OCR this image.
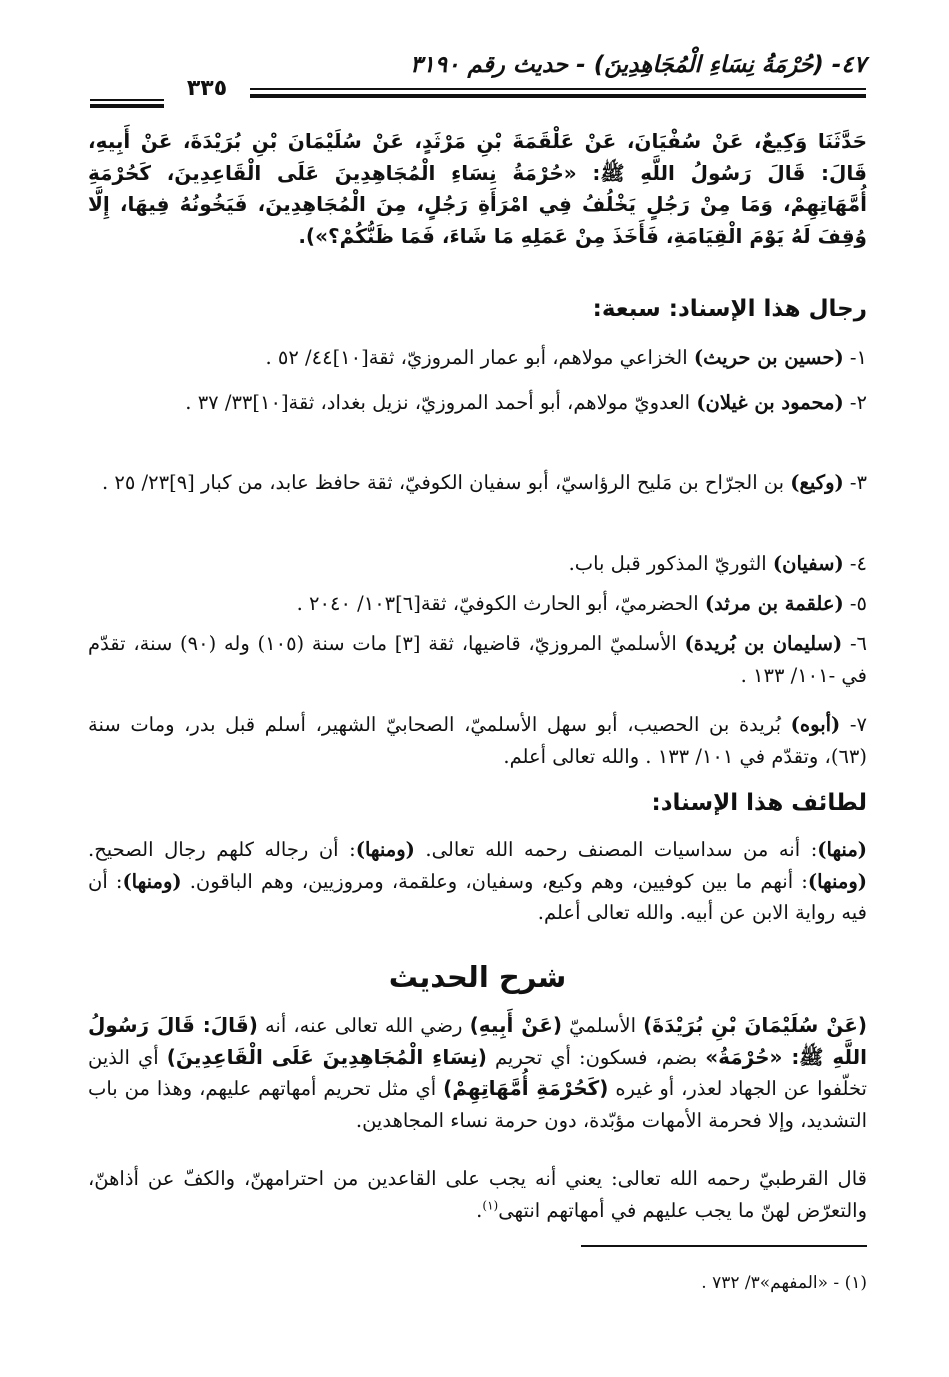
٤٧- (حُرْمَةُ نِسَاءِ الْمُجَاهِدِينَ) - حديث رقم ٣١٩٠
٣٣٥
حَدَّثَنَا وَكِيعٌ، عَنْ سُفْيَانَ، عَنْ عَلْقَمَةَ بْنِ مَرْثَدٍ، عَنْ سُلَيْمَانَ بْنِ بُرَيْدَةَ، عَنْ أَبِيهِ، قَالَ: قَالَ رَسُولُ اللَّهِ ﷺ: «حُرْمَةُ نِسَاءِ الْمُجَاهِدِينَ عَلَى الْقَاعِدِينَ، كَحُرْمَةِ أُمَّهَاتِهِمْ، وَمَا مِنْ رَجُلٍ يَخْلُفُ فِي امْرَأَةِ رَجُلٍ، مِنَ الْمُجَاهِدِينَ، فَيَخُونُهُ فِيهَا، إِلَّا وُقِفَ لَهُ يَوْمَ الْقِيَامَةِ، فَأَخَذَ مِنْ عَمَلِهِ مَا شَاءَ، فَمَا ظَنُّكُمْ؟»).
رجال هذا الإسناد: سبعة:
١- (حسين بن حريث) الخزاعي مولاهم، أبو عمار المروزيّ، ثقة[١٠]٤٤/ ٥٢ .
٢- (محمود بن غيلان) العدويّ مولاهم، أبو أحمد المروزيّ، نزيل بغداد، ثقة[١٠]٣٣/ ٣٧ .
٣- (وكيع) بن الجرّاح بن مَليح الرؤاسيّ، أبو سفيان الكوفيّ، ثقة حافظ عابد، من كبار [٩]٢٣/ ٢٥ .
٤- (سفيان) الثوريّ المذكور قبل باب.
٥- (علقمة بن مرثد) الحضرميّ، أبو الحارث الكوفيّ، ثقة[٦]١٠٣/ ٢٠٤٠ .
٦- (سليمان بن بُريدة) الأسلميّ المروزيّ، قاضيها، ثقة [٣] مات سنة (١٠٥) وله (٩٠) سنة، تقدّم في -١٠١/ ١٣٣ .
٧- (أبوه) بُريدة بن الحصيب، أبو سهل الأسلميّ، الصحابيّ الشهير، أسلم قبل بدر، ومات سنة (٦٣)، وتقدّم في ١٠١/ ١٣٣ . والله تعالى أعلم.
لطائف هذا الإسناد:
(منها): أنه من سداسيات المصنف رحمه الله تعالى. (ومنها): أن رجاله كلهم رجال الصحيح. (ومنها): أنهم ما بين كوفيين، وهم وكيع، وسفيان، وعلقمة، ومروزيين، وهم الباقون. (ومنها): أن فيه رواية الابن عن أبيه. والله تعالى أعلم.
شرح الحديث
(عَنْ سُلَيْمَانَ بْنِ بُرَيْدَةَ) الأسلميّ (عَنْ أَبِيهِ) رضي الله تعالى عنه، أنه (قَالَ: قَالَ رَسُولُ اللَّهِ ﷺ: «حُرْمَةُ» بضم، فسكون: أي تحريم (نِسَاءِ الْمُجَاهِدِينَ عَلَى الْقَاعِدِينَ) أي الذين تخلّفوا عن الجهاد لعذر، أو غيره (كَحُرْمَةِ أُمَّهَاتِهِمْ) أي مثل تحريم أمهاتهم عليهم، وهذا من باب التشديد، وإلا فحرمة الأمهات مؤبّدة، دون حرمة نساء المجاهدين.
قال القرطبيّ رحمه الله تعالى: يعني أنه يجب على القاعدين من احترامهنّ، والكفّ عن أذاهنّ، والتعرّض لهنّ ما يجب عليهم في أمهاتهم انتهى$^{(١)}$.
(١) - «المفهم»٣/ ٧٣٢ .
